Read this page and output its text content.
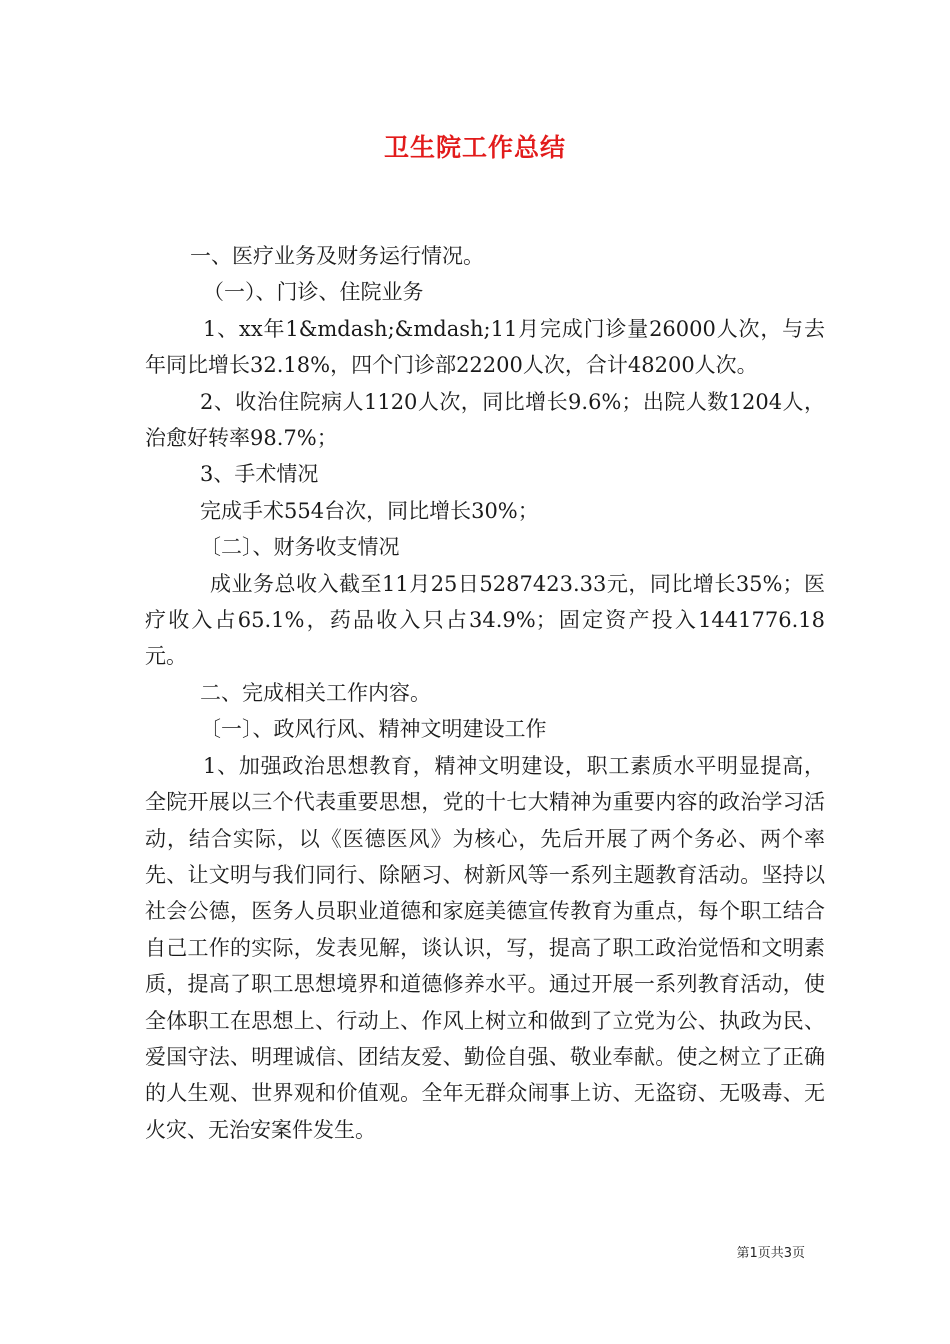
卫生院工作总结

一、医疗业务及财务运行情况。

（一）、门诊、住院业务

1、xx年1&mdash;&mdash;11月完成门诊量26000人次，与去年同比增长32.18%，四个门诊部22200人次，合计48200人次。

2、收治住院病人1120人次，同比增长9.6%；出院人数1204人，治愈好转率98.7%；

3、手术情况

完成手术554台次，同比增长30%；

〔二〕、财务收支情况

成业务总收入截至11月25日5287423.33元，同比增长35%；医疗收入占65.1%，药品收入只占34.9%；固定资产投入1441776.18元。

二、完成相关工作内容。

〔一〕、政风行风、精神文明建设工作

1、加强政治思想教育，精神文明建设，职工素质水平明显提高，全院开展以三个代表重要思想，党的十七大精神为重要内容的政治学习活动，结合实际，以《医德医风》为核心，先后开展了两个务必、两个率先、让文明与我们同行、除陋习、树新风等一系列主题教育活动。坚持以社会公德，医务人员职业道德和家庭美德宣传教育为重点，每个职工结合自己工作的实际，发表见解，谈认识，写，提高了职工政治觉悟和文明素质，提高了职工思想境界和道德修养水平。通过开展一系列教育活动，使全体职工在思想上、行动上、作风上树立和做到了立党为公、执政为民、爱国守法、明理诚信、团结友爱、勤俭自强、敬业奉献。使之树立了正确的人生观、世界观和价值观。全年无群众闹事上访、无盗窃、无吸毒、无火灾、无治安案件发生。

第1页共3页
